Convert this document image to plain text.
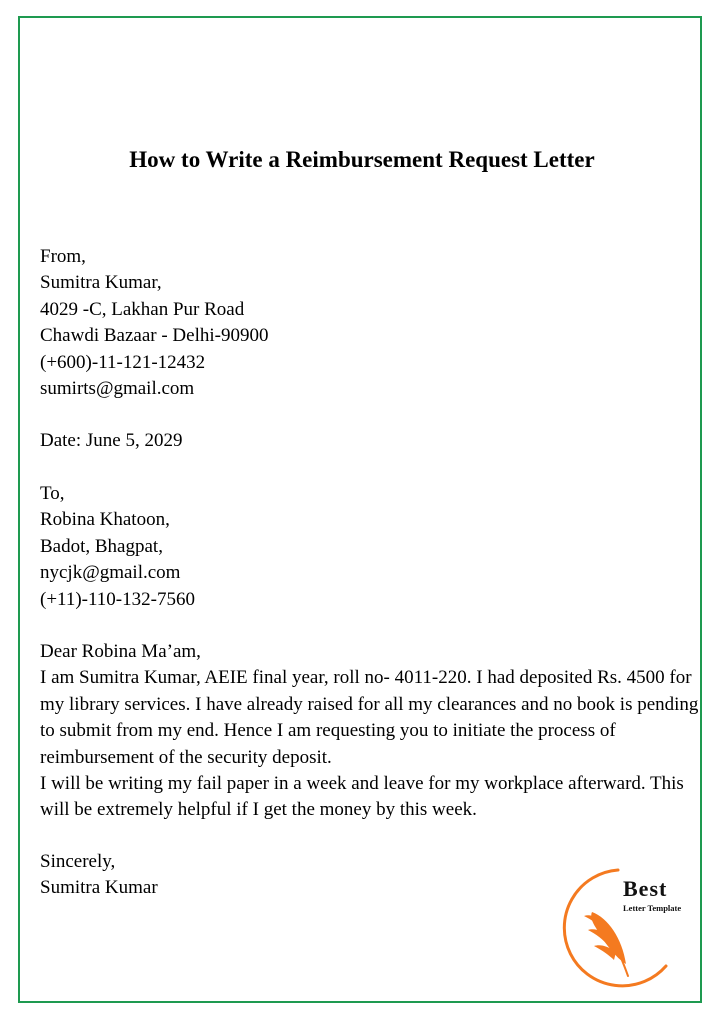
How to Write a Reimbursement Request Letter
From,
Sumitra Kumar,
4029 -C, Lakhan Pur Road
Chawdi Bazaar - Delhi-90900
(+600)-11-121-12432
sumirts@gmail.com
Date: June 5, 2029
To,
Robina Khatoon,
Badot, Bhagpat,
nycjk@gmail.com
(+11)-110-132-7560
Dear Robina Ma’am,
I am Sumitra Kumar, AEIE final year, roll no- 4011-220. I had deposited Rs. 4500 for my library services. I have already raised for all my clearances and no book is pending to submit from my end. Hence I am requesting you to initiate the process of reimbursement of the security deposit.
I will be writing my fail paper in a week and leave for my workplace afterward. This will be extremely helpful if I get the money by this week.
Sincerely,
Sumitra Kumar	Best
Letter Template
